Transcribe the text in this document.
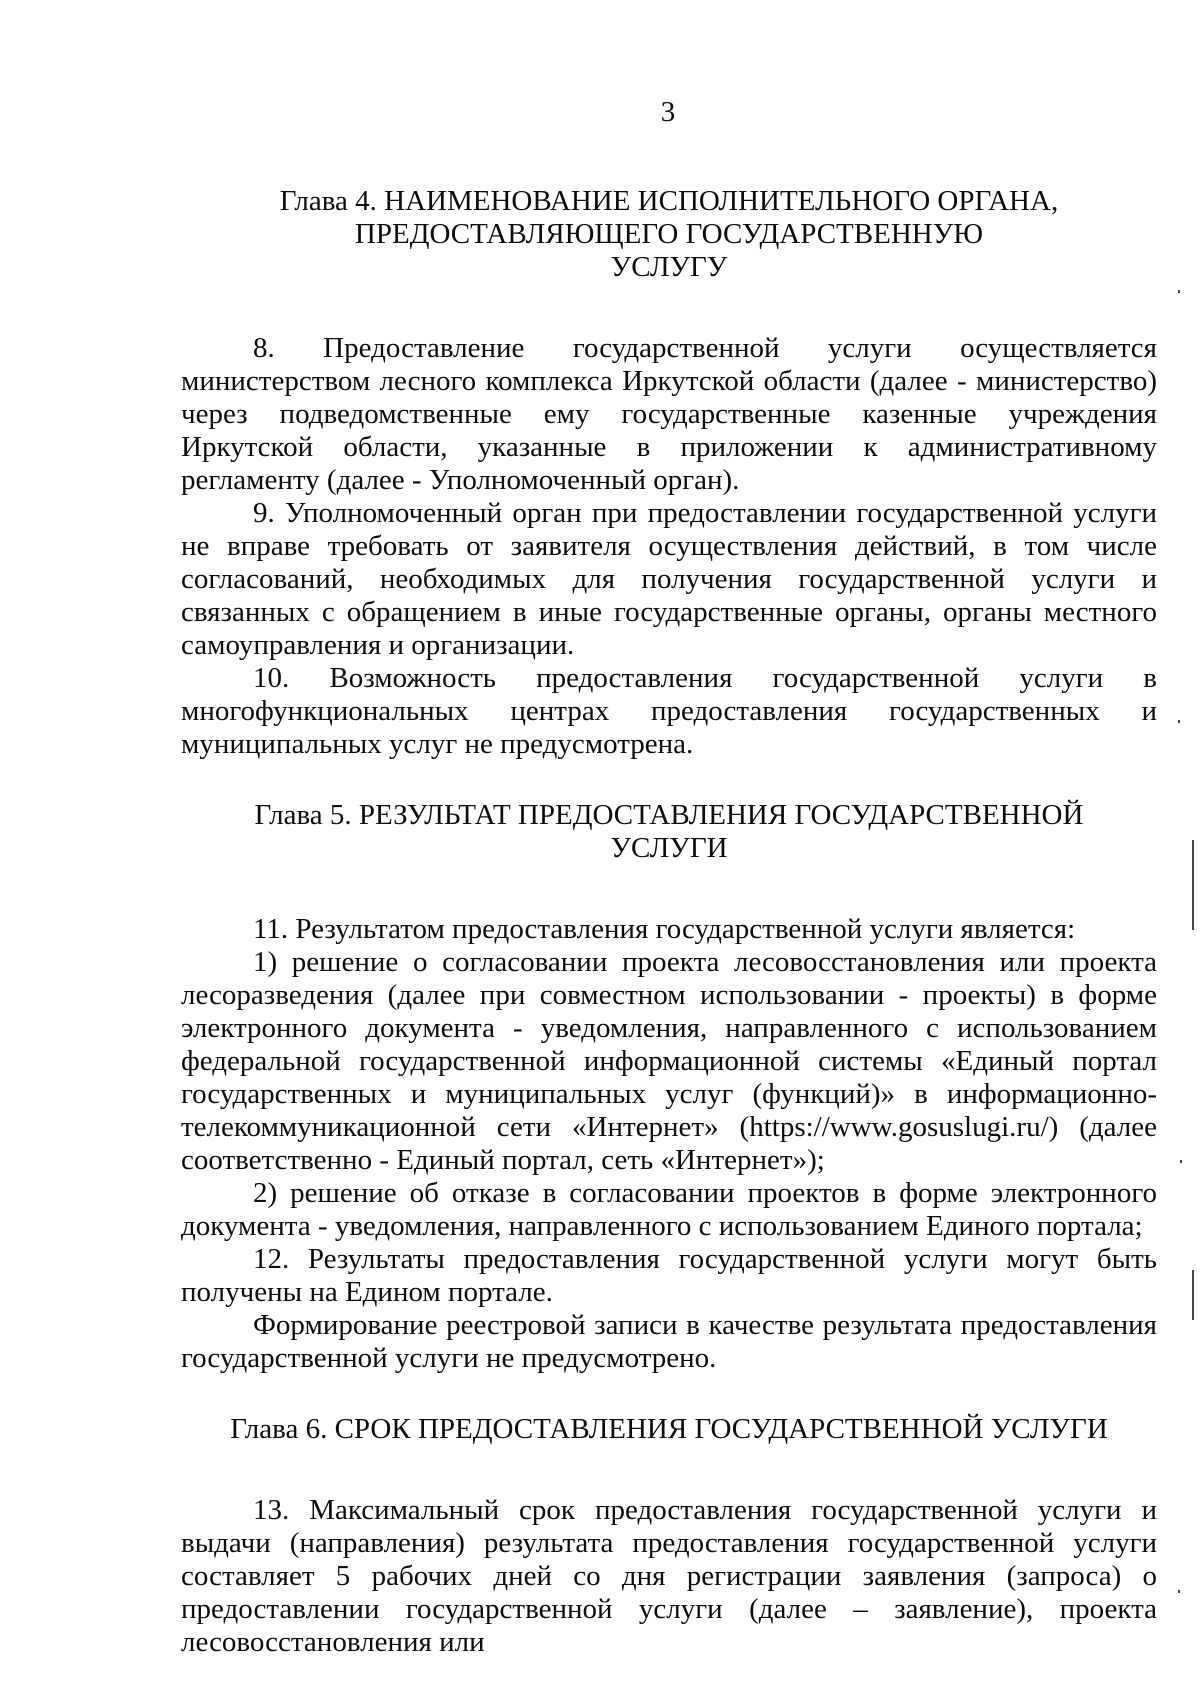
3
Глава 4. НАИМЕНОВАНИЕ ИСПОЛНИТЕЛЬНОГО ОРГАНА,
ПРЕДОСТАВЛЯЮЩЕГО ГОСУДАРСТВЕННУЮ
УСЛУГУ

8. Предоставление государственной услуги осуществляется министерством лесного комплекса Иркутской области (далее - министерство) через подведомственные ему государственные казенные учреждения Иркутской области, указанные в приложении к административному регламенту (далее - Уполномоченный орган).

9. Уполномоченный орган при предоставлении государственной услуги не вправе требовать от заявителя осуществления действий, в том числе согласований, необходимых для получения государственной услуги и связанных с обращением в иные государственные органы, органы местного самоуправления и организации.

10. Возможность предоставления государственной услуги в многофункциональных центрах предоставления государственных и муниципальных услуг не предусмотрена.

Глава 5. РЕЗУЛЬТАТ ПРЕДОСТАВЛЕНИЯ ГОСУДАРСТВЕННОЙ
УСЛУГИ

11. Результатом предоставления государственной услуги является:

1) решение о согласовании проекта лесовосстановления или проекта лесоразведения (далее при совместном использовании - проекты) в форме электронного документа - уведомления, направленного с использованием федеральной государственной информационной системы «Единый портал государственных и муниципальных услуг (функций)» в информационно-телекоммуникационной сети «Интернет» (https://www.gosuslugi.ru/) (далее соответственно - Единый портал, сеть «Интернет»);

2) решение об отказе в согласовании проектов в форме электронного документа - уведомления, направленного с использованием Единого портала;

12. Результаты предоставления государственной услуги могут быть получены на Едином портале.

Формирование реестровой записи в качестве результата предоставления государственной услуги не предусмотрено.

Глава 6. СРОК ПРЕДОСТАВЛЕНИЯ ГОСУДАРСТВЕННОЙ УСЛУГИ

13. Максимальный срок предоставления государственной услуги и выдачи (направления) результата предоставления государственной услуги составляет 5 рабочих дней со дня регистрации заявления (запроса) о предоставлении государственной услуги (далее – заявление), проекта лесовосстановления или
